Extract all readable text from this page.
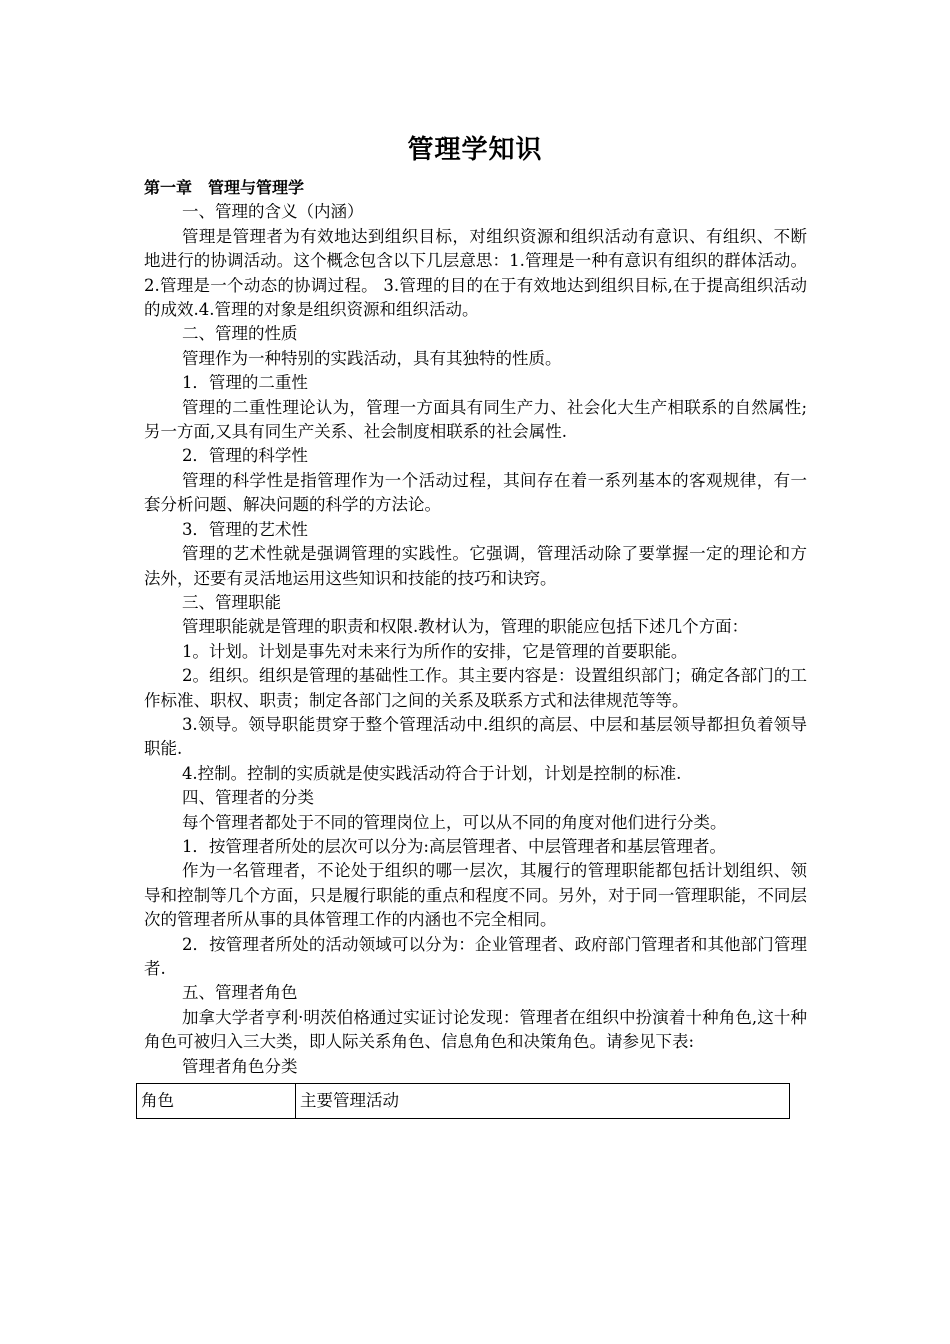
管理学知识
第一章　管理与管理学

一、管理的含义（内涵）

管理是管理者为有效地达到组织目标，对组织资源和组织活动有意识、有组织、不断地进行的协调活动。这个概念包含以下几层意思：1.管理是一种有意识有组织的群体活动。2.管理是一个动态的协调过程。 3.管理的目的在于有效地达到组织目标,在于提高组织活动的成效.4.管理的对象是组织资源和组织活动。

二、管理的性质

管理作为一种特别的实践活动，具有其独特的性质。

1．管理的二重性

管理的二重性理论认为，管理一方面具有同生产力、社会化大生产相联系的自然属性;另一方面,又具有同生产关系、社会制度相联系的社会属性.

2．管理的科学性

管理的科学性是指管理作为一个活动过程，其间存在着一系列基本的客观规律，有一套分析问题、解决问题的科学的方法论。

3．管理的艺术性

管理的艺术性就是强调管理的实践性。它强调，管理活动除了要掌握一定的理论和方法外，还要有灵活地运用这些知识和技能的技巧和诀窍。

三、管理职能

管理职能就是管理的职责和权限.教材认为，管理的职能应包括下述几个方面：

1。计划。计划是事先对未来行为所作的安排，它是管理的首要职能。

2。组织。组织是管理的基础性工作。其主要内容是：设置组织部门；确定各部门的工作标准、职权、职责；制定各部门之间的关系及联系方式和法律规范等等。

3.领导。领导职能贯穿于整个管理活动中.组织的高层、中层和基层领导都担负着领导职能.

4.控制。控制的实质就是使实践活动符合于计划，计划是控制的标准.

四、管理者的分类

每个管理者都处于不同的管理岗位上，可以从不同的角度对他们进行分类。

1．按管理者所处的层次可以分为:高层管理者、中层管理者和基层管理者。

作为一名管理者，不论处于组织的哪一层次，其履行的管理职能都包括计划组织、领导和控制等几个方面，只是履行职能的重点和程度不同。另外，对于同一管理职能，不同层次的管理者所从事的具体管理工作的内涵也不完全相同。

2．按管理者所处的活动领域可以分为：企业管理者、政府部门管理者和其他部门管理者.

五、管理者角色

加拿大学者亨利·明茨伯格通过实证讨论发现：管理者在组织中扮演着十种角色,这十种角色可被归入三大类，即人际关系角色、信息角色和决策角色。请参见下表:

管理者角色分类
角色	主要管理活动
